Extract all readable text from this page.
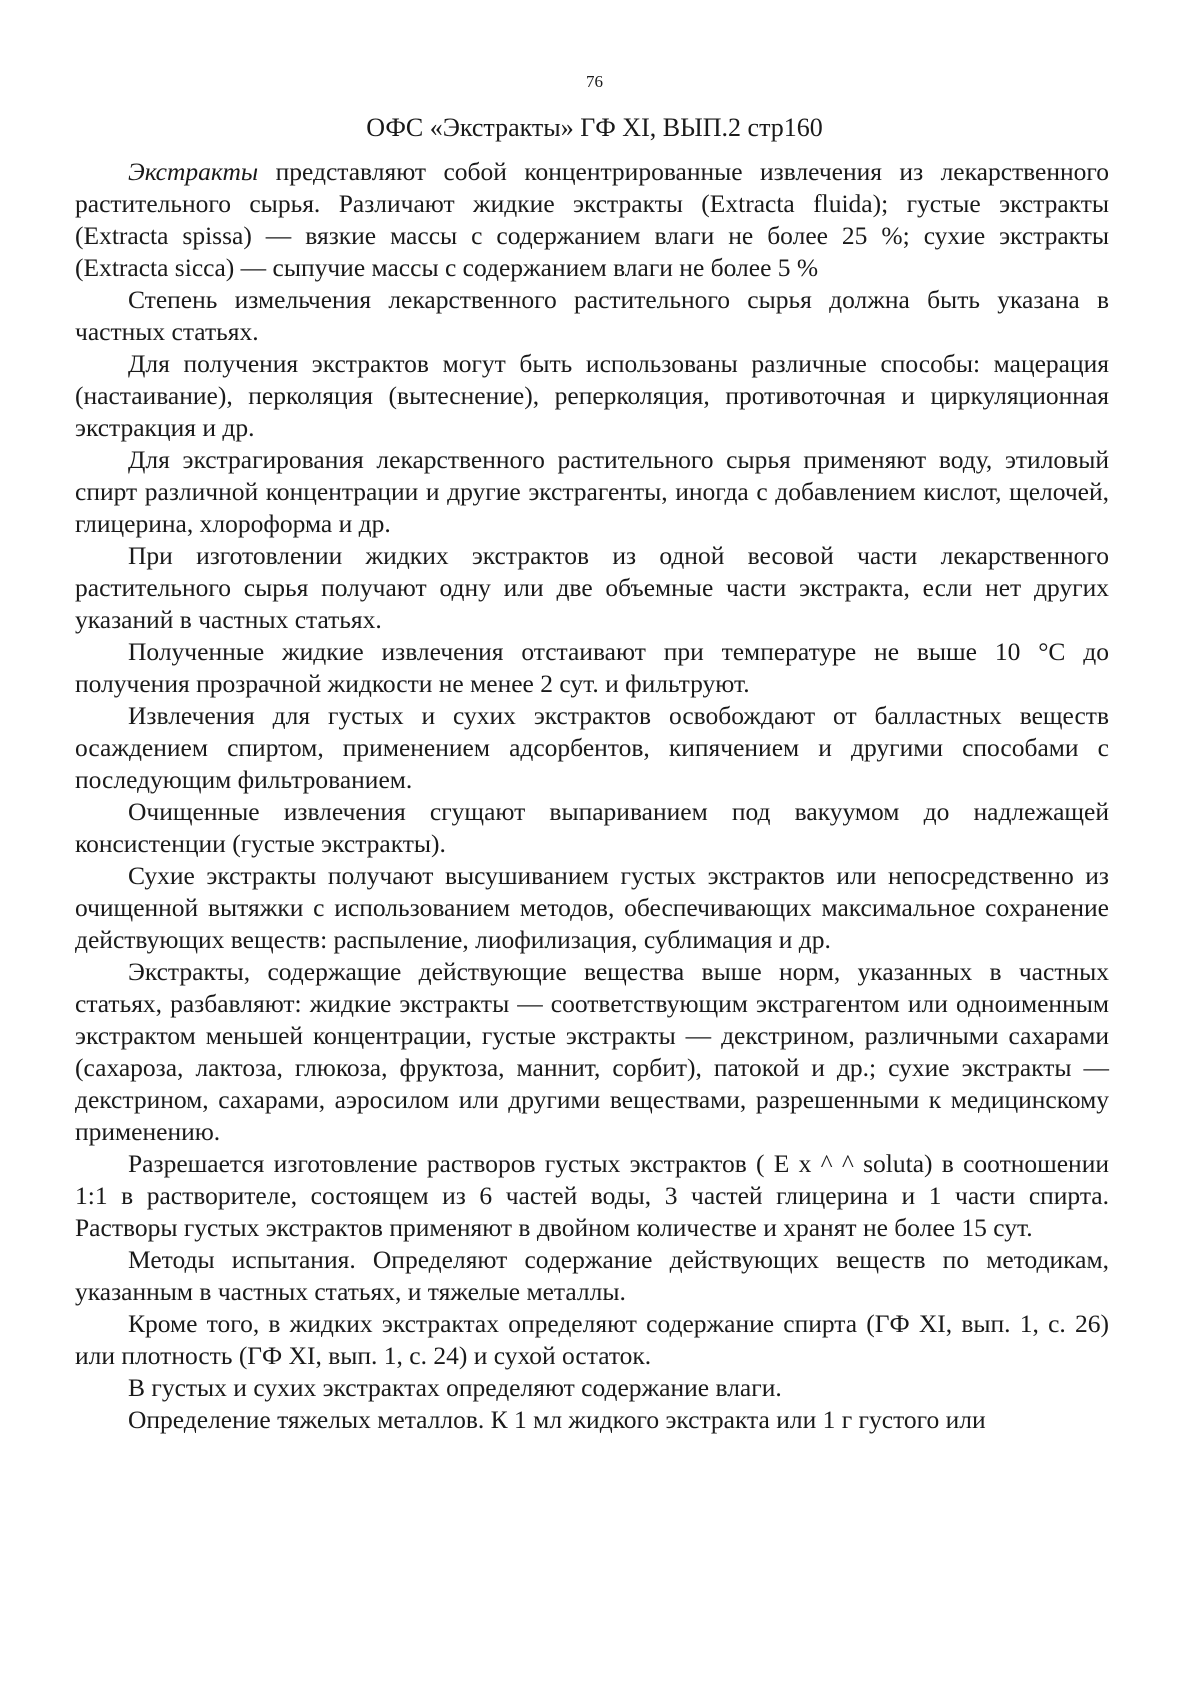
76
ОФС «Экстракты» ГФ XI, ВЫП.2 стр160

Экстракты представляют собой концентрированные извлечения из лекарственного растительного сырья. Различают жидкие экстракты (Extracta fluida); густые экстракты (Extracta spissa) — вязкие массы с содержанием влаги не более 25 %; сухие экстракты (Extracta sicca) — сыпучие массы с содержанием влаги не более 5 %

Степень измельчения лекарственного растительного сырья должна быть указана в частных статьях.

Для получения экстрактов могут быть использованы различные способы: мацерация (настаивание), перколяция (вытеснение), реперколяция, противоточная и циркуляционная экстракция и др.

Для экстрагирования лекарственного растительного сырья применяют воду, этиловый спирт различной концентрации и другие экстрагенты, иногда с добавлением кислот, щелочей, глицерина, хлороформа и др.

При изготовлении жидких экстрактов из одной весовой части лекарственного растительного сырья получают одну или две объемные части экстракта, если нет других указаний в частных статьях.

Полученные жидкие извлечения отстаивают при температуре не выше 10 °С до получения прозрачной жидкости не менее 2 сут. и фильтруют.

Извлечения для густых и сухих экстрактов освобождают от балластных веществ осаждением спиртом, применением адсорбентов, кипячением и другими способами с последующим фильтрованием.

Очищенные извлечения сгущают выпариванием под вакуумом до надлежащей консистенции (густые экстракты).

Сухие экстракты получают высушиванием густых экстрактов или непосредственно из очищенной вытяжки с использованием методов, обеспечивающих максимальное сохранение действующих веществ: распыление, лиофилизация, сублимация и др.

Экстракты, содержащие действующие вещества выше норм, указанных в частных статьях, разбавляют: жидкие экстракты — соответствующим экстрагентом или одноименным экстрактом меньшей концентрации, густые экстракты — декстрином, различными сахарами (сахароза, лактоза, глюкоза, фруктоза, маннит, сорбит), патокой и др.; сухие экстракты — декстрином, сахарами, аэросилом или другими веществами, разрешенными к медицинскому применению.

Разрешается изготовление растворов густых экстрактов ( Е х ^ ^ soluta) в соотношении 1:1 в растворителе, состоящем из 6 частей воды, 3 частей глицерина и 1 части спирта. Растворы густых экстрактов применяют в двойном количестве и хранят не более 15 сут.

Методы испытания. Определяют содержание действующих веществ по методикам, указанным в частных статьях, и тяжелые металлы.

Кроме того, в жидких экстрактах определяют содержание спирта (ГФ XI, вып. 1, с. 26) или плотность (ГФ XI, вып. 1, с. 24) и сухой остаток.

В густых и сухих экстрактах определяют содержание влаги.

Определение тяжелых металлов. К 1 мл жидкого экстракта или 1 г густого или
